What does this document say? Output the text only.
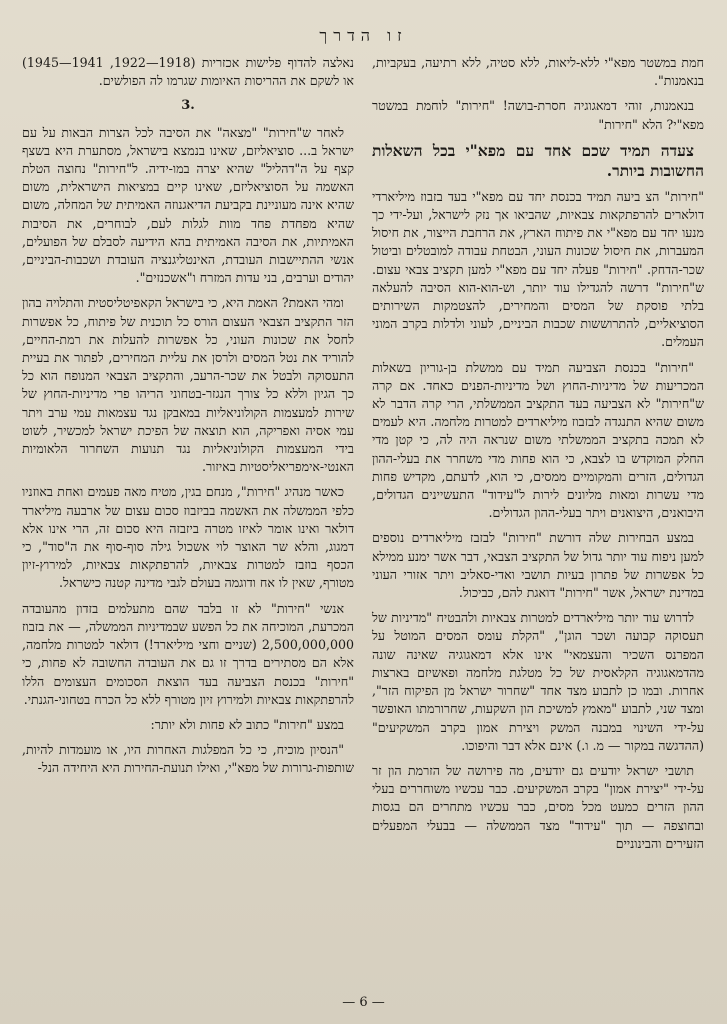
זו הדרך

נאלצה להדוף פלישות אכזריות (1918—1922, 1941—1945) או לשקם את ההריסות האיומות שגרמו לה הפולשים.

3.

לאחר ש"חירות" "מצאה" את הסיבה לכל הצרות הבאות על עם ישראל ב... סוציאליזם, שאינו בנמצא בישראל, מסתערת היא בשצף קצף על ה"דהליל" שהיא יצרה במו-ידיה. ל"חירות" נחוצה הטלת האשמה על הסוציאליזם, שאינו קיים במציאות הישראלית, משום שהיא אינה מעוניינת בקביעת הדיאגנוזה האמיתית של המחלה, משום שהיא מפחדת פחד מוות לגלות לעם, לבוחרים, את הסיבות האמיתיות, את הסיבה האמיתית בהא הידיעה לסבלם של הפועלים, אנשי ההתיישבות העובדת, האינטליגנציה העובדת ושכבות-הביניים, יהודים וערבים, בני עדות המזרח ו"אשכנזים".

ומהי האמת? האמת היא, כי בישראל הקאפיטליסטית והתלויה בהון הזר התקציב הצבאי העצום הורס כל תוכנית של פיתוח, כל אפשרות לחסל את שכונות העוני, כל אפשרות להעלות את רמת-החיים, להוריד את נטל המסים ולרסן את עליית המחירים, לפתור את בעיית התעסוקה ולבטל את שכר-הרעב, והתקציב הצבאי המנופח הוא כל כך הגיון וללא כל צורך הנגזר-בטחוני הריהו פרי מדיניות-החוץ של שירות למעצמות הקולוניאליות במאבקן נגד עצמאות עמי ערב ויתר עמי אסיה ואפריקה, הוא תוצאה של הפיכת ישראל למכשיר, לשוט בידי המעצמות הקולוניאליות נגד תנועות השחרור הלאומיות האנטי-אימפריאליסטיות באיזור.

כאשר מנהיג "חירות", מנחם בגין, מטיח מאה פעמים ואחת באוזניו כלפי הממשלה את האשמה בביזבוז סכום עצום של ארבעה מיליארד דולאר ואינו אומר לאיזו מטרה ביזבזה היא סכום זה, הרי אינו אלא דמגוג, והלא שר האוצר לוי אשכול גילה סוף-סוף את ה"סוד", כי הכסף בוזבז למטרות צבאיות, להרפתקאות צבאיות, למירוץ-זיון מטורף, שאין לו אח ודוגמה בעולם לגבי מדינה קטנה כישראל.

אנשי "חירות" לא זו בלבד שהם מתעלמים בזדון מהעובדה המכרעת, המוכיחה את כל הפשע שבמדיניות הממשלה, — את בזבוז 2,500,000,000 (שניים וחצי מיליארד!) דולאר למטרות מלחמה, אלא הם מסתירים בדרך זו גם את העובדה החשובה לא פחות, כי "חירות" בכנסת הצביעה בעד הוצאת הסכומים העצומים הללו להרפתקאות צבאיות ולמירוץ זיון מטורף ללא כל הכרח בטחוני-הגנתי.

במצע "חירות" כתוב לא פחות ולא יותר:

"הנסיון מוכיח, כי כל המפלגות האחרות היו, או מועמדות להיות, שותפות-גרורות של מפא"י, ואילו תנועת-החירות היא היחידה הנל-

חמת במשטר מפא"י ללא-ליאות, ללא סטיה, ללא רתיעה, בעקביות, בנאמנות".

בנאמנות, זוהי דמאגוגיה חסרת-בושה! "חירות" לוחמת במשטר מפא"י? הלא "חירות"

צעדה תמיד שכם אחד עם מפא"י בכל השאלות החשובות ביותר.

"חירות" הצ ביעה תמיד בכנסת יחד עם מפא"י בעד בזבוז מיליארדי דולארים להרפתקאות צבאיות, שהביאו אך נזק לישראל, ועל-ידי כך מנעו יחד עם מפא"י את פיתוח הארץ, את הרחבת הייצור, את חיסול המעברות, את חיסול שכונות העוני, הבטחת עבודה למובטלים וביטול שכר-הדחק. "חירות" פעלה יחד עם מפא"י למען תקציב צבאי עצום. ש"חירות" דרשה להגדילו עוד יותר, וש-הוא-הוא הסיבה להעלאה בלתי פוסקת של המסים והמחירים, להצטמקות השירותים הסוציאליים, להתרוששות שכבות הביניים, לעוני ולדלות בקרב המוני העמלים.

"חירות" בכנסת הצביעה תמיד עם ממשלת בן-גוריון בשאלות המכריעות של מדיניות-החוץ ושל מדיניות-הפנים כאחד. אם קרה ש"חירות" לא הצביעה בעד התקציב הממשלתי, הרי קרה הדבר לא משום שהיא התנגדה לבזבוז מיליארדים למטרות מלחמה. היא לעמים לא תמכה בתקציב הממשלתי משום שנראה היה לה, כי קטן מדי החלק המוקדש בו לצבא, כי הוא פחות מדי משחרר את בעלי-ההון הגדולים, הזרים והמקומיים ממסים, כי הוא, לדעתם, מקדיש פחות מדי עשרות ומאות מליונים לירות ל"עידוד" התעשיינים הגדולים, היבואנים, היצואנים ויתר בעלי-ההון הגדולים.

במצע הבחירות שלה דורשת "חירות" לבזבז מיליארדים נוספים למען ניפוח עוד יותר גדול של התקציב הצבאי, דבר אשר ימנע ממילא כל אפשרות של פתרון בעיות תושבי ואדי-סאליב ויתר אזורי העוני במדינת ישראל, אשר "חירות" דואגת להם, כביכול.

לדרוש עוד יותר מיליארדים למטרות צבאיות ולהבטיח "מדיניות של תעסוקה קבועה ושכר הוגן", "הקלת עומס המסים המוטל על המפרנס השכיר והעצמאי" אינו אלא דמאגוגיה שאינה שונה מהדמאגוגיה הקלאסית של כל מטלגת מלחמה ופאשיזם בארצות אחרות. ובמו כן לתבוע מצד אחד "שחרור ישראל מן הפיקוח הזר", ומצד שני, לתבוע "מאמץ למשיכת הון השקעות, שחרורמתו האופשר על-ידי השינוי במבנה המשק ויצירת אמון בקרב המשקיעים" (ההדגשה במקור — מ. ו.) אינם אלא דבר והיפוכו.

תושבי ישראל יודעים גם יודעים, מה פירושה של הזרמת הון זר על-ידי "יצירת אמון" בקרב המשקיעים. כבר עכשיו משוחררים בעלי ההון הזרים כמעט מכל מסים, כבר עכשיו מתחרים הם בגסות ובחוצפה — תוך "עידוד" מצד הממשלה — בבעלי המפעלים הזעירים והבינוניים

— 6 —
